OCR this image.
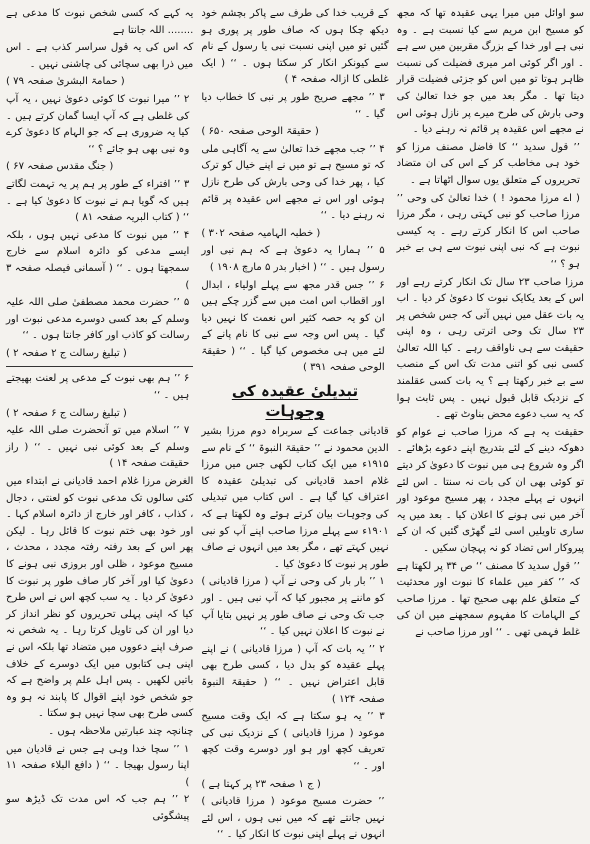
یہ کہے کہ کسی شخص نبوت کا مدعی ہے ........ اللہ جانتا ہے

کہ اس کی یہ قول سراسر کذب ہے ۔ اس میں ذرا بھی سچائی کی چاشنی نہیں ۔

( حمامۃ البشریٰ صفحہ ۷۹ )

۲ ’’ میرا نبوت کا کوئی دعویٰ نہیں ، یہ آپ کی غلطی ہے کہ آپ ایسا گمان کرتے ہیں ۔ کیا یہ ضروری ہے کہ جو الہام کا دعویٰ کرے وہ نبی بھی ہو جائے ؟ ‘‘

( جنگ مقدس صفحہ ۶۷ )

۳ ’’ افتراء کے طور پر ہم پر یہ تہمت لگاتے ہیں کہ گویا ہم نے نبوت کا دعویٰ کیا ہے ۔ ‘‘ ( کتاب البریہ صفحہ ۸۱ )

۴ ’’ میں نبوت کا مدعی نہیں ہوں ، بلکہ ایسے مدعی کو دائرہ اسلام سے خارج سمجھتا ہوں ۔ ‘‘ ( آسمانی فیصلہ صفحہ ۳ )

۵ ’’ حضرت محمد مصطفیٰ صلی اللہ علیہ وسلم کے بعد کسی دوسرے مدعی نبوت اور رسالت کو کاذب اور کافر جانتا ہوں ۔ ‘‘

( تبلیغ رسالت ج ۲ صفحہ ۲ )

۶ ’’ ہم بھی نبوت کے مدعی پر لعنت بھیجتے ہیں ۔ ‘‘

( تبلیغ رسالت ج ۶ صفحہ ۲ )

۷ ’’ اسلام میں تو آنحضرت صلی اللہ علیہ وسلم کے بعد کوئی نبی نہیں ۔ ‘‘ ( راز حقیقت صفحہ ۱۴ )

الغرض مرزا غلام احمد قادیانی نے ابتداء میں کئی سالوں تک مدعی نبوت کو لعنتی ، دجال ، کذاب ، کافر اور خارج از دائرہ اسلام کہا ۔ اور خود بھی ختم نبوت کا قائل رہا ۔ لیکن پھر اس کے بعد رفتہ رفتہ مجدد ، محدث ، مسیح موعود ، ظلی اور بروزی نبی ہونے کا دعویٰ کیا اور آخر کار صاف طور پر نبوت کا دعویٰ کر دیا ۔ یہ سب کچھ اس نے اس طرح کیا کہ اپنی پہلی تحریروں کو نظر انداز کر دیا اور ان کی تاویل کرتا رہا ۔ یہ شخص نہ صرف اپنے دعووں میں متضاد تھا بلکہ اس نے اپنی ہی کتابوں میں ایک دوسرے کے خلاف باتیں لکھیں ۔ پس اہل علم پر واضح ہے کہ جو شخص خود اپنے اقوال کا پابند نہ ہو وہ کسی طرح بھی سچا نہیں ہو سکتا ۔

چنانچہ چند عبارتیں ملاحظہ ہوں ۔

۱ ’’ سچا خدا وہی ہے جس نے قادیان میں اپنا رسول بھیجا ۔ ‘‘ ( دافع البلاء صفحہ ۱۱ )

۲ ’’ ہم جب کہ اس مدت تک ڈیڑھ سو پیشگوئی

کے قریب خدا کی طرف سے پاکر بچشم خود دیکھ چکا ہوں کہ صاف طور پر پوری ہو گئیں تو میں اپنی نسبت نبی یا رسول کے نام سے کیونکر انکار کر سکتا ہوں ۔ ‘‘ ( ایک غلطی کا ازالہ صفحہ ۴ )

۳ ’’ مجھے صریح طور پر نبی کا خطاب دیا گیا ۔ ‘‘

( حقیقۃ الوحی صفحہ ۶۵۰ )

۴ ’’ جب مجھے خدا تعالیٰ سے یہ آگاہی ملی کہ تو مسیح ہے تو میں نے اپنے خیال کو ترک کیا ، پھر خدا کی وحی بارش کی طرح نازل ہوئی اور اس نے مجھے اس عقیدہ پر قائم نہ رہنے دیا ۔ ‘‘

( خطبہ الہامیہ صفحہ ۳۰۲ )

۵ ’’ ہمارا یہ دعویٰ ہے کہ ہم نبی اور رسول ہیں ۔ ‘‘ ( اخبار بدر ۵ مارچ ۱۹۰۸ )

۶ ’’ جس قدر مجھ سے پہلے اولیاء ، ابدال اور اقطاب اس امت میں سے گزر چکے ہیں ان کو یہ حصہ کثیر اس نعمت کا نہیں دیا گیا ۔ پس اس وجہ سے نبی کا نام پانے کے لئے میں ہی مخصوص کیا گیا ۔ ‘‘ ( حقیقۃ الوحی صفحہ ۳۹۱ )

تبدیلیٔ عقیدہ کی وجوہات

قادیانی جماعت کے سربراہ دوم مرزا بشیر الدین محمود نے ’’ حقیقۃ النبوۃ ‘‘ کے نام سے ۱۹۱۵ء میں ایک کتاب لکھی جس میں مرزا غلام احمد قادیانی کی تبدیلیٔ عقیدہ کا اعتراف کیا گیا ہے ۔ اس کتاب میں تبدیلی کی وجوہات بیان کرتے ہوئے وہ لکھتا ہے کہ ۱۹۰۱ء سے پہلے مرزا صاحب اپنے آپ کو نبی نہیں کہتے تھے ، مگر بعد میں انہوں نے صاف طور پر نبوت کا دعویٰ کیا ۔

۱ ’’ بار بار کی وحی نے آپ ( مرزا قادیانی ) کو ماننے پر مجبور کیا کہ آپ نبی ہیں ۔ اور جب تک وحی نے صاف طور پر نہیں بتایا آپ نے نبوت کا اعلان نہیں کیا ۔ ‘‘

۲ ’’ یہ بات کہ آپ ( مرزا قادیانی ) نے اپنے پہلے عقیدہ کو بدل دیا ، کسی طرح بھی قابل اعتراض نہیں ۔ ‘‘ ( حقیقۃ النبوۃ صفحہ ۱۲۴ )

۳ ’’ یہ ہو سکتا ہے کہ ایک وقت مسیح موعود ( مرزا قادیانی ) کے نزدیک نبی کی تعریف کچھ اور ہو اور دوسرے وقت کچھ اور ۔ ‘‘

( ج ۱ صفحہ ۲۳ پر کہتا ہے )

’’ حضرت مسیح موعود ( مرزا قادیانی ) نہیں جانتے تھے کہ میں نبی ہوں ، اس لئے انہوں نے پہلے اپنی نبوت کا انکار کیا ۔ ‘‘

سو اوائل میں میرا یہی عقیدہ تھا کہ مجھ کو مسیح ابن مریم سے کیا نسبت ہے ۔ وہ نبی ہے اور خدا کے بزرگ مقربین میں سے ہے ۔ اور اگر کوئی امر میری فضیلت کی نسبت ظاہر ہوتا تو میں اس کو جزئی فضیلت قرار دیتا تھا ۔ مگر بعد میں جو خدا تعالیٰ کی وحی بارش کی طرح میرے پر نازل ہوئی اس نے مجھے اس عقیدہ پر قائم نہ رہنے دیا ۔

’’ قول سدید ‘‘ کا فاضل مصنف مرزا کو خود ہی مخاطب کر کے اس کی ان متضاد تحریروں کے متعلق یوں سوال اٹھاتا ہے ۔

( اے مرزا محمود ! ) خدا تعالیٰ کی وحی ’’ مرزا صاحب کو نبی کہتی رہی ، مگر مرزا صاحب اس کا انکار کرتے رہے ۔ یہ کیسی نبوت ہے کہ نبی اپنی نبوت سے ہی بے خبر ہو ؟ ‘‘

مرزا صاحب ۲۳ سال تک انکار کرتے رہے اور اس کے بعد یکایک نبوت کا دعویٰ کر دیا ۔ اب یہ بات عقل میں نہیں آتی کہ جس شخص پر ۲۳ سال تک وحی اترتی رہی ، وہ اپنی حقیقت سے ہی ناواقف رہے ۔ کیا اللہ تعالیٰ کسی نبی کو اتنی مدت تک اس کے منصب سے بے خبر رکھتا ہے ؟ یہ بات کسی عقلمند کے نزدیک قابل قبول نہیں ۔ پس ثابت ہوا کہ یہ سب دعوے محض بناوٹ تھے ۔

حقیقت یہ ہے کہ مرزا صاحب نے عوام کو دھوکہ دینے کے لئے بتدریج اپنے دعوے بڑھائے ۔ اگر وہ شروع ہی میں نبوت کا دعویٰ کر دیتے تو کوئی بھی ان کی بات نہ سنتا ۔ اس لئے انہوں نے پہلے مجدد ، پھر مسیح موعود اور آخر میں نبی ہونے کا اعلان کیا ۔ بعد میں یہ ساری تاویلیں اسی لئے گھڑی گئیں کہ ان کے پیروکار اس تضاد کو نہ پہچان سکیں ۔

’’ قول سدید کا مصنف ‘‘ ص ۳۴ پر لکھتا ہے کہ ’’ کفر میں علماء کا نبوت اور محدثیت کے متعلق علم بھی صحیح تھا ۔ مرزا صاحب کے الہامات کا مفہوم سمجھنے میں ان کی غلط فہمی تھی ۔ ‘‘ اور مرزا صاحب نے
